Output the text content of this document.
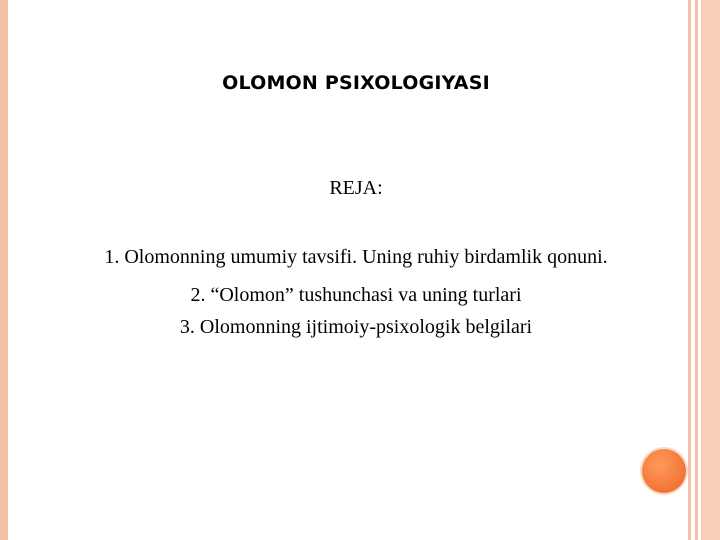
OLOMON PSIXOLOGIYASI
REJA:
1. Olomonning umumiy tavsifi. Uning ruhiy birdamlik qonuni.
2. “Olomon” tushunchasi va uning turlari
3. Olomonning ijtimoiy-psixologik belgilari
